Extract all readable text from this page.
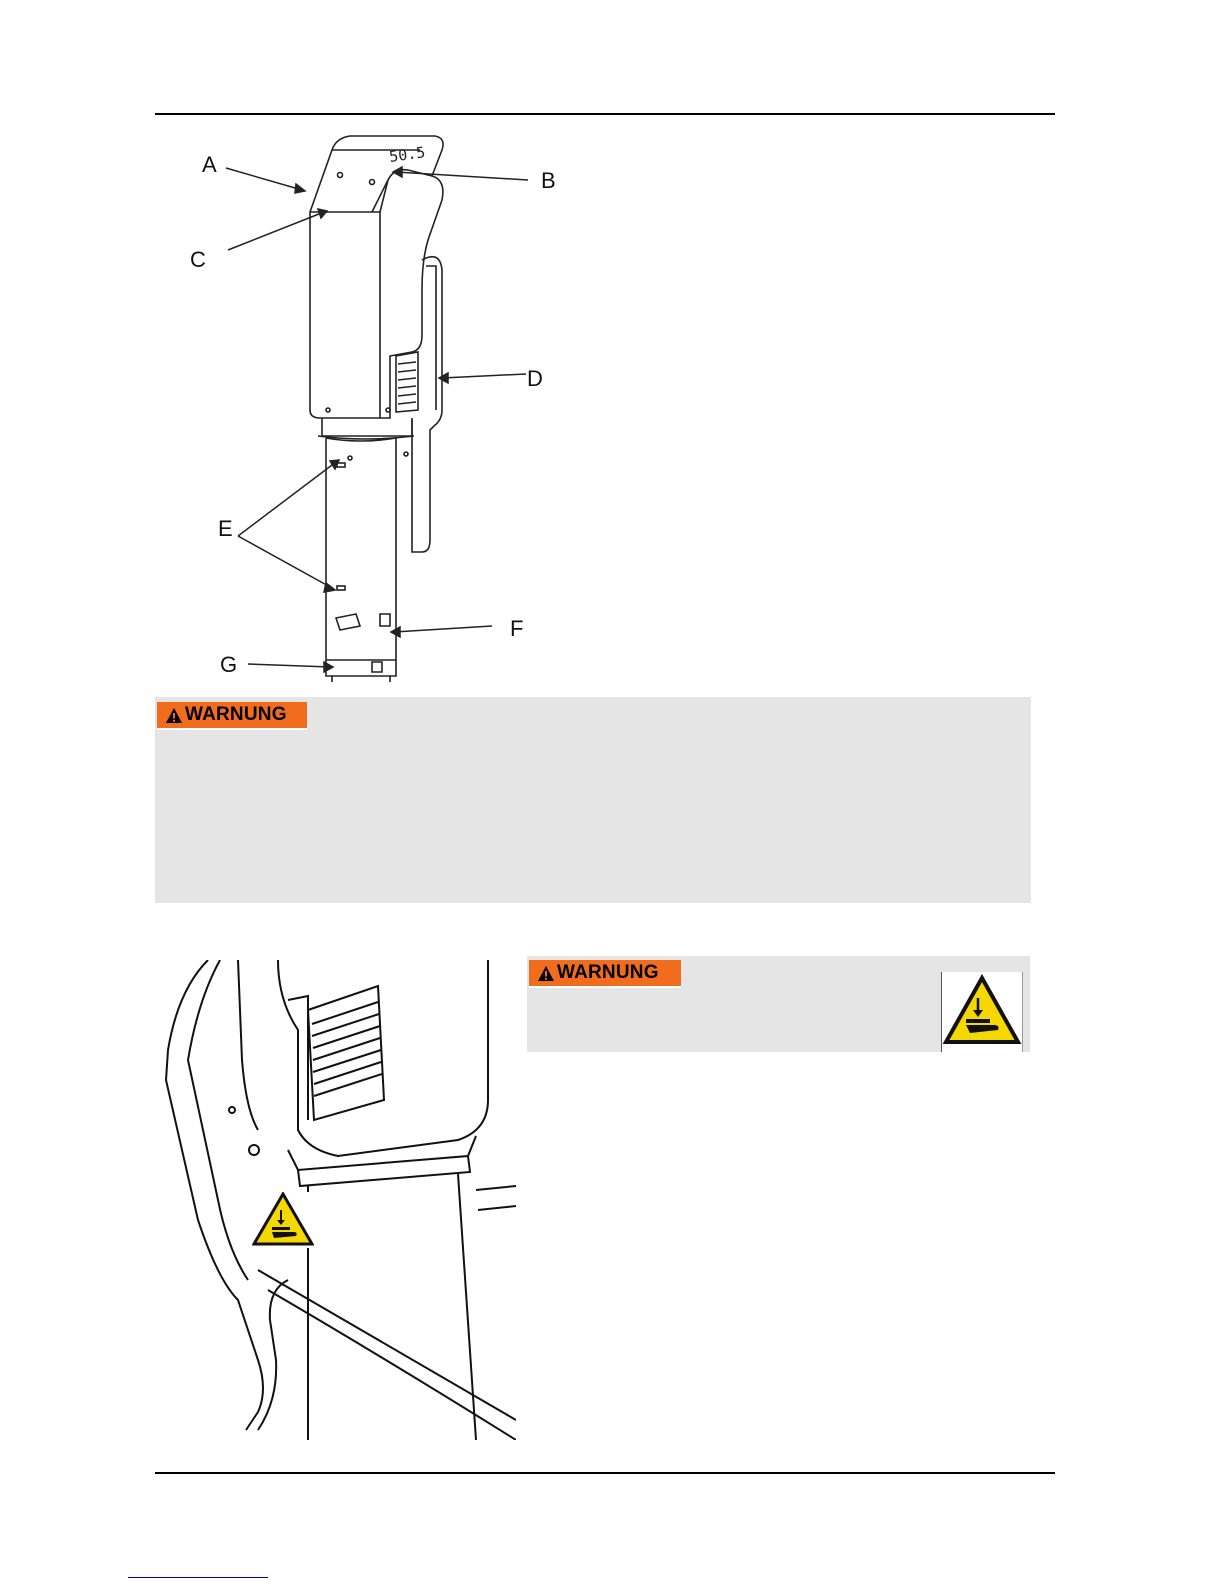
50.5
A
B
C
D
E
F
G
WARNUNG
WARNUNG
